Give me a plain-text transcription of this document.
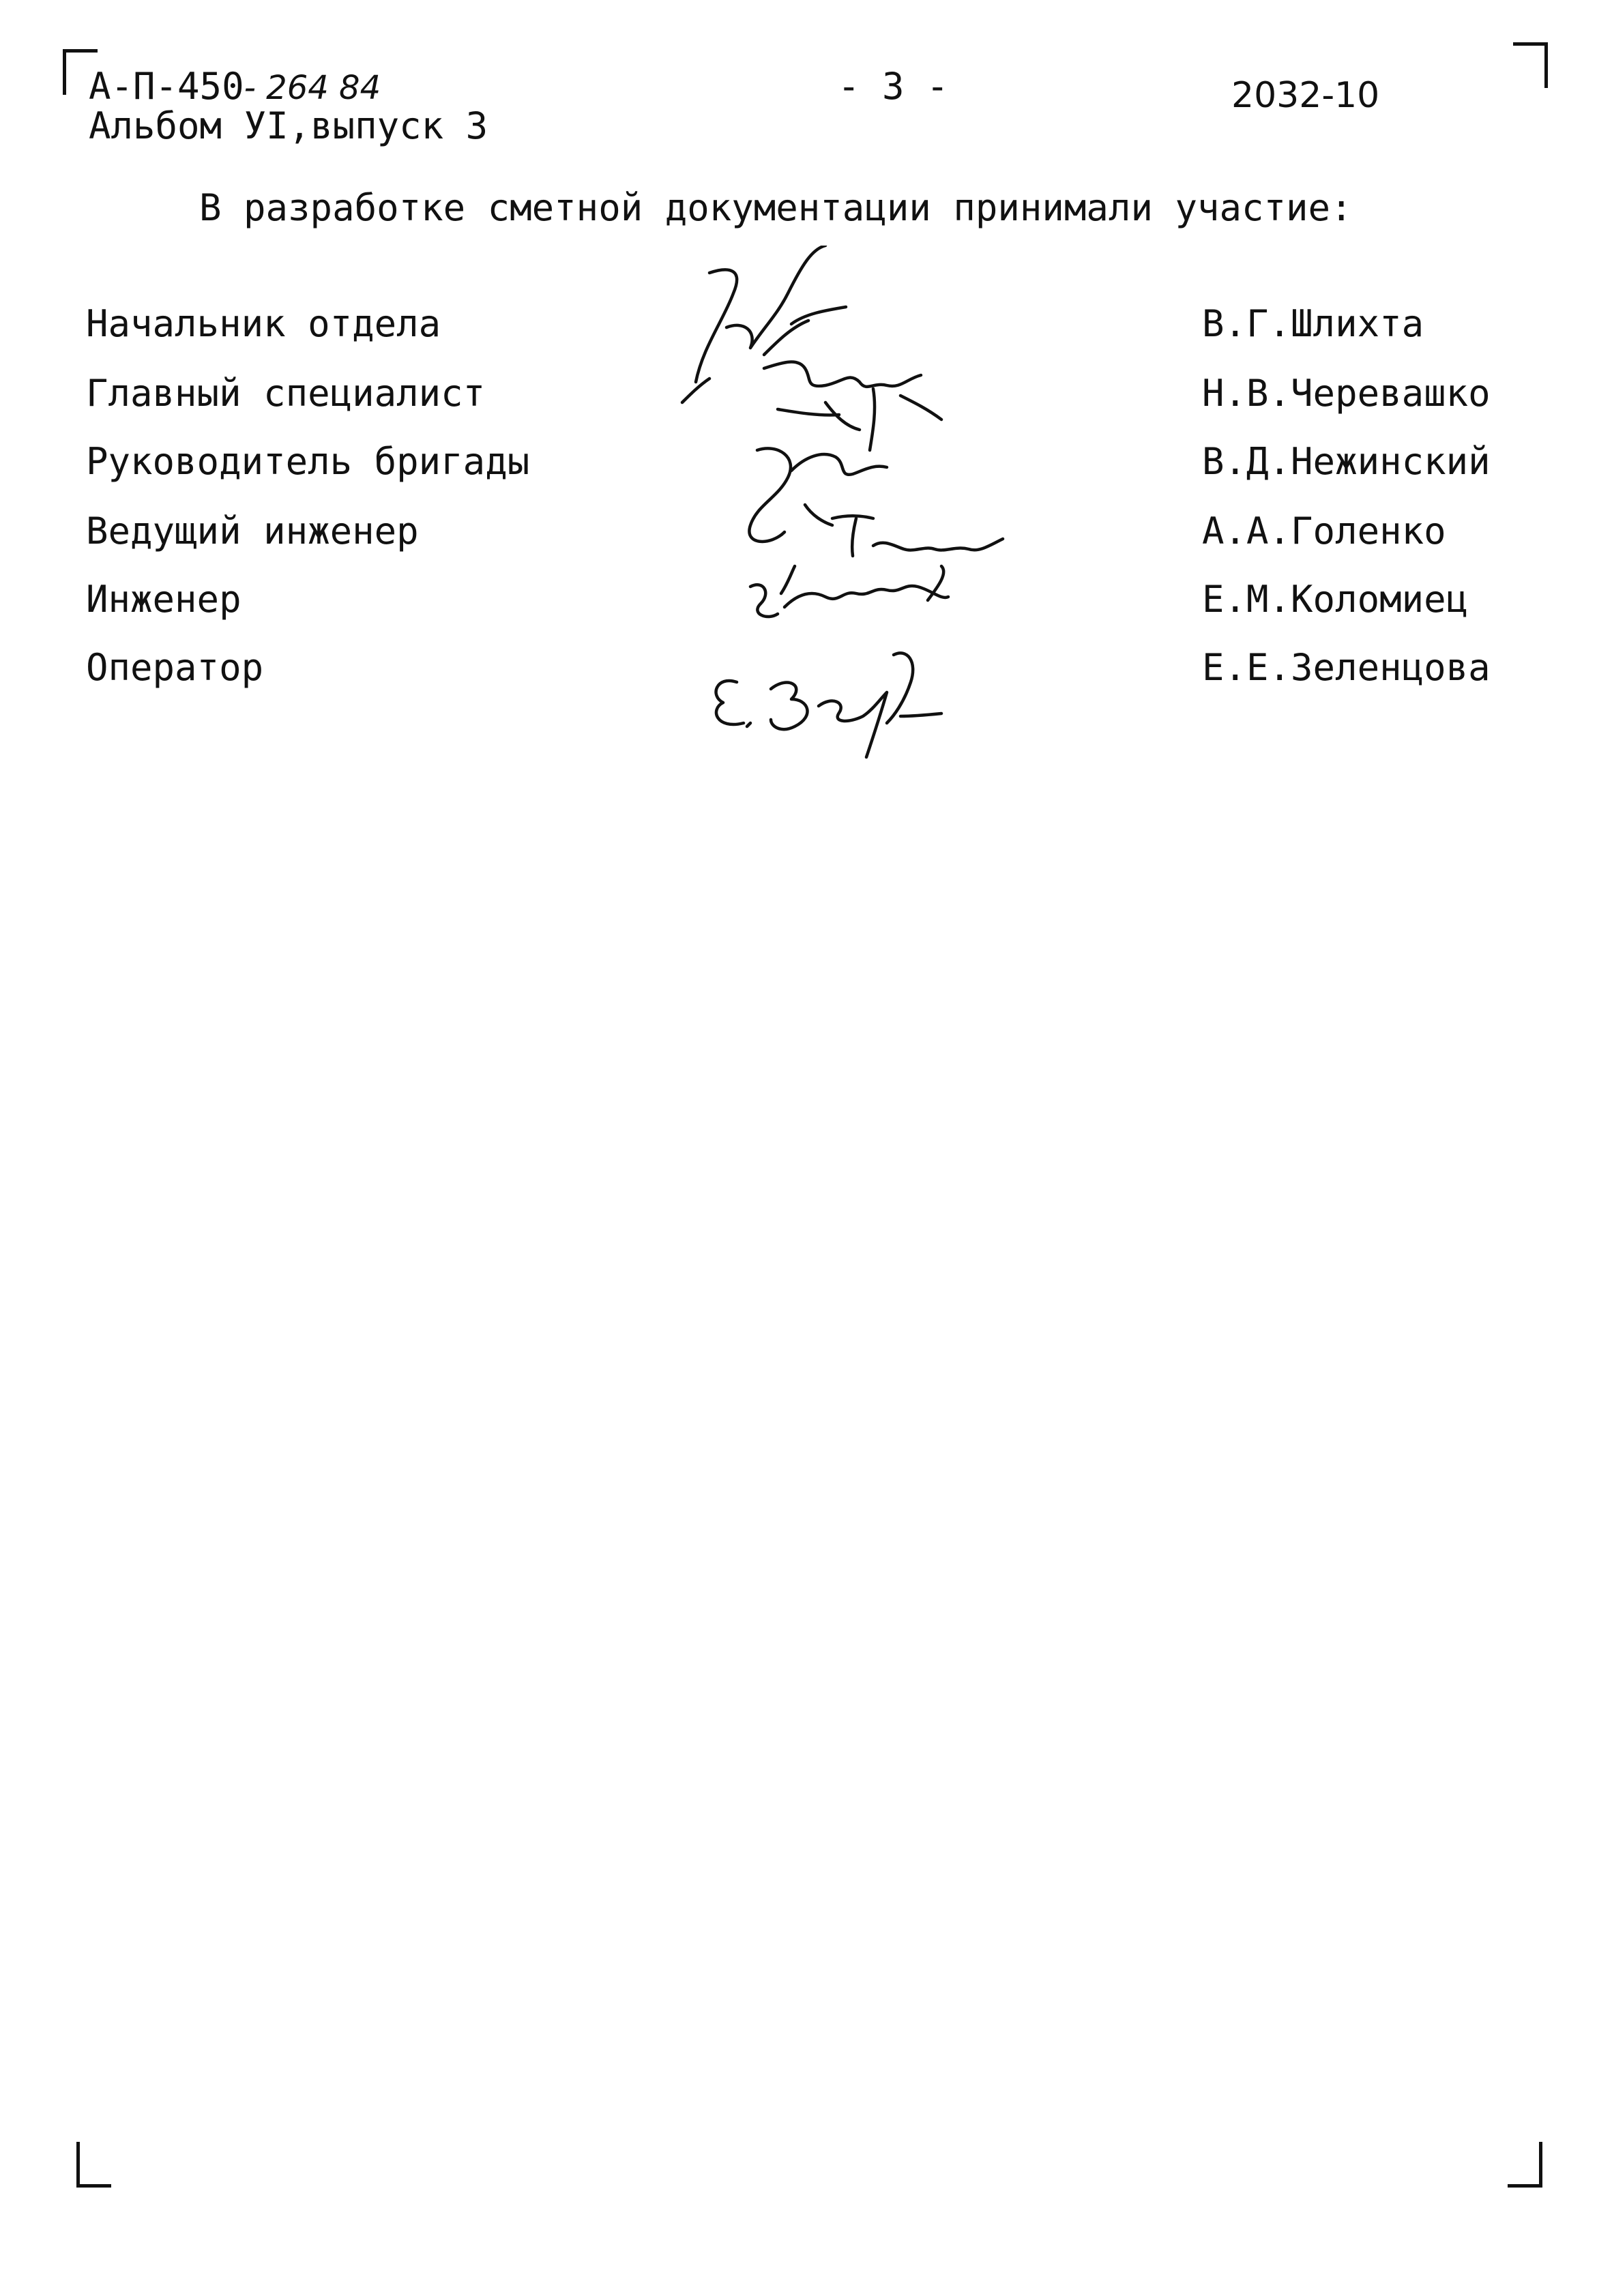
А-П-450- 264 84
Альбом УI,выпуск 3
- 3 -	2032-10
В разработке сметной документации принимали участие:
Начальник отдела	В.Г.Шлихта
Главный специалист	Н.В.Черевашко
Руководитель бригады	В.Д.Нежинский
Ведущий инженер	А.А.Голенко
Инженер	Е.М.Коломиец
Оператор	Е.Е.Зеленцова
